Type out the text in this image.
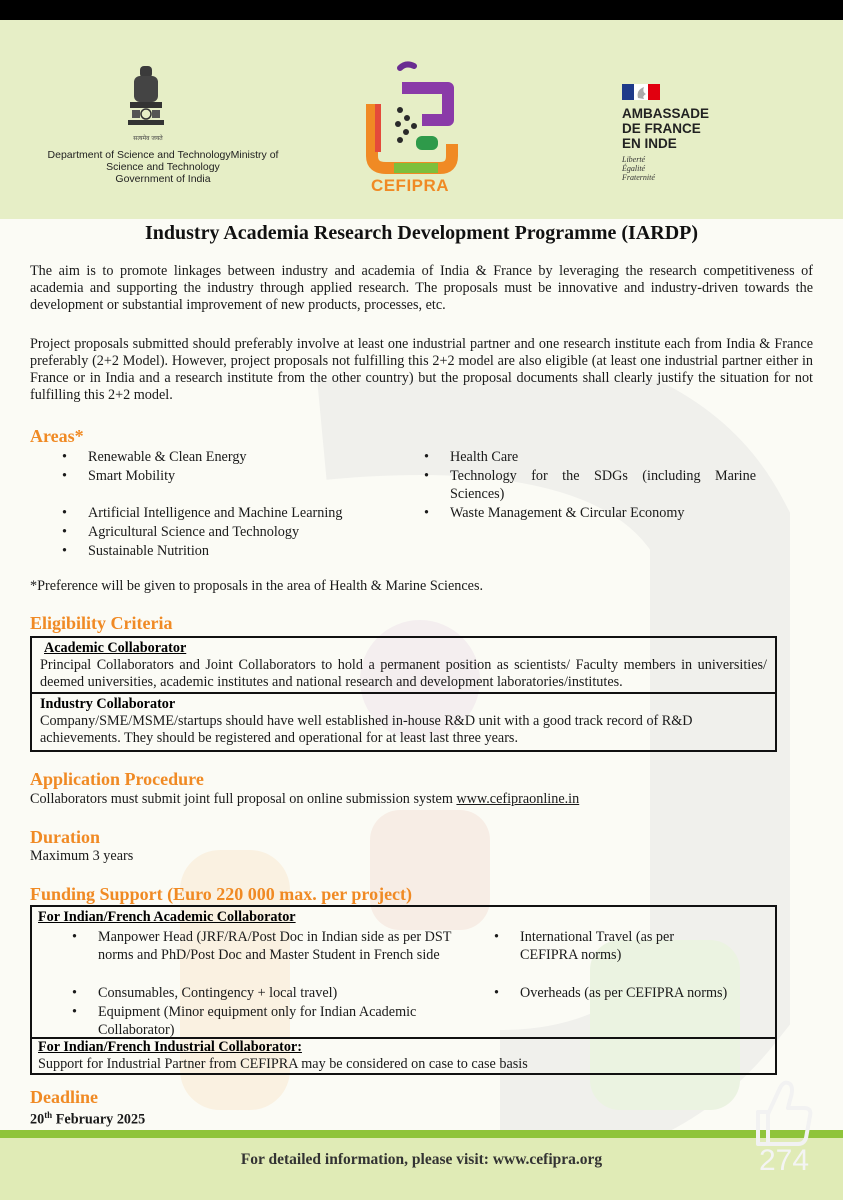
सत्यमेव जयते
Department of Science and TechnologyMinistry of
Science and Technology
Government of India	CEFIPRA
AMBASSADE
DE FRANCE
EN INDE
Liberté
Égalité
Fraternité
Industry Academia Research Development Programme (IARDP)
The aim is to promote linkages between industry and academia of India & France by leveraging the research competitiveness of academia and supporting the industry through applied research. The proposals must be innovative and industry-driven towards the development or substantial improvement of new products, processes, etc.
Project proposals submitted should preferably involve at least one industrial partner and one research institute each from India & France preferably (2+2 Model). However, project proposals not fulfilling this 2+2 model are also eligible (at least one industrial partner either in France or in India and a research institute from the other country) but the proposal documents shall clearly justify the situation for not fulfilling this 2+2 model.
Areas*
• Renewable & Clean Energy
• Smart Mobility
• Artificial Intelligence and Machine Learning
• Agricultural Science and Technology
• Sustainable Nutrition
• Health Care
• Technology for the SDGs (including Marine Sciences)
• Waste Management & Circular Economy
*Preference will be given to proposals in the area of Health & Marine Sciences.
Eligibility Criteria
Academic Collaborator
Principal Collaborators and Joint Collaborators to hold a permanent position as scientists/ Faculty members in universities/ deemed universities, academic institutes and national research and development laboratories/institutes.
Industry Collaborator
Company/SME/MSME/startups should have well established in-house R&D unit with a good track record of R&D achievements. They should be registered and operational for at least last three years.
Application Procedure
Collaborators must submit joint full proposal on online submission system www.cefipraonline.in
Duration
Maximum 3 years
Funding Support (Euro 220 000 max. per project)
For Indian/French Academic Collaborator
• Manpower Head (JRF/RA/Post Doc in Indian side as per DST norms and PhD/Post Doc and Master Student in French side
• Consumables, Contingency + local travel)
• Equipment (Minor equipment only for Indian Academic Collaborator)
• International Travel (as per CEFIPRA norms)
• Overheads (as per CEFIPRA norms)
For Indian/French Industrial Collaborator:
Support for Industrial Partner from CEFIPRA may be considered on case to case basis
Deadline
20th February 2025
For detailed information, please visit: www.cefipra.org	274
